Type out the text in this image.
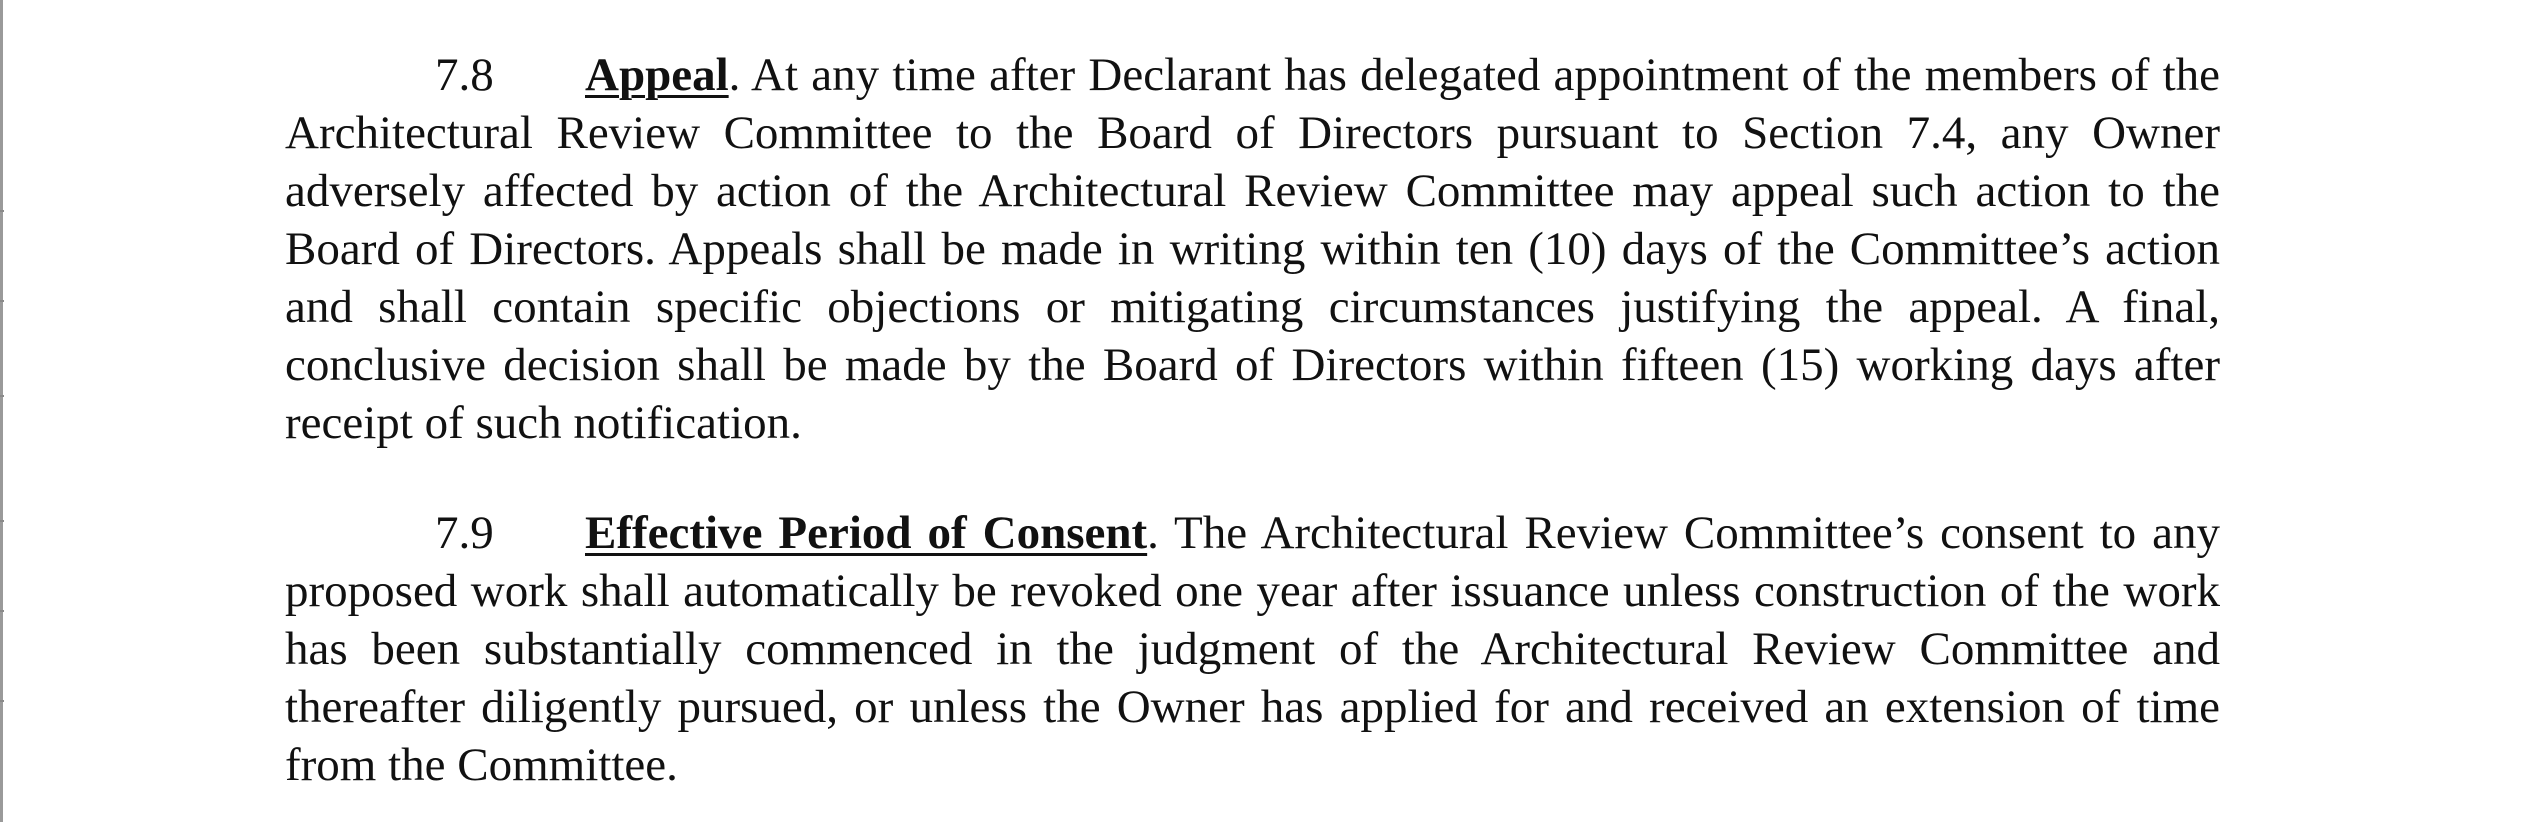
7.8 Appeal. At any time after Declarant has delegated appointment of the members of the Architectural Review Committee to the Board of Directors pursuant to Section 7.4, any Owner adversely affected by action of the Architectural Review Committee may appeal such action to the Board of Directors. Appeals shall be made in writing within ten (10) days of the Committee’s action and shall contain specific objections or mitigating circumstances justifying the appeal. A final, conclusive decision shall be made by the Board of Directors within fifteen (15) working days after receipt of such notification.

7.9 Effective Period of Consent. The Architectural Review Committee’s consent to any proposed work shall automatically be revoked one year after issuance unless construction of the work has been substantially commenced in the judgment of the Architectural Review Committee and thereafter diligently pursued, or unless the Owner has applied for and received an extension of time from the Committee.
